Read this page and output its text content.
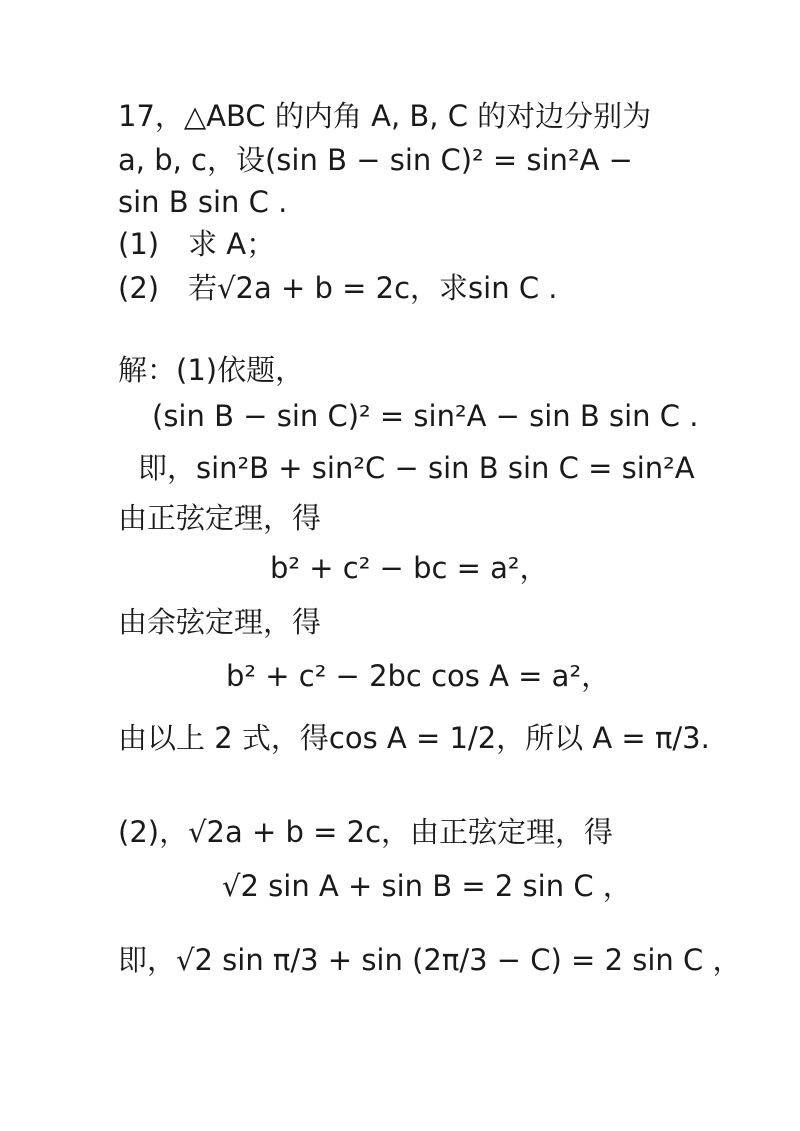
17，△ABC 的内角 A, B, C 的对边分别为
a, b, c，设(sin B − sin C)² = sin²A −
sin B sin C .
(1)　求 A；
(2)　若√2a + b = 2c，求sin C .
解：(1)依题，
(sin B − sin C)² = sin²A − sin B sin C .
即，sin²B + sin²C − sin B sin C = sin²A
由正弦定理，得
b² + c² − bc = a²，
由余弦定理，得
b² + c² − 2bc cos A = a²，
由以上 2 式，得cos A = 1/2，所以 A = π/3.
(2)，√2a + b = 2c，由正弦定理，得
√2 sin A + sin B = 2 sin C ，
即，√2 sin π/3 + sin (2π/3 − C) = 2 sin C ，
